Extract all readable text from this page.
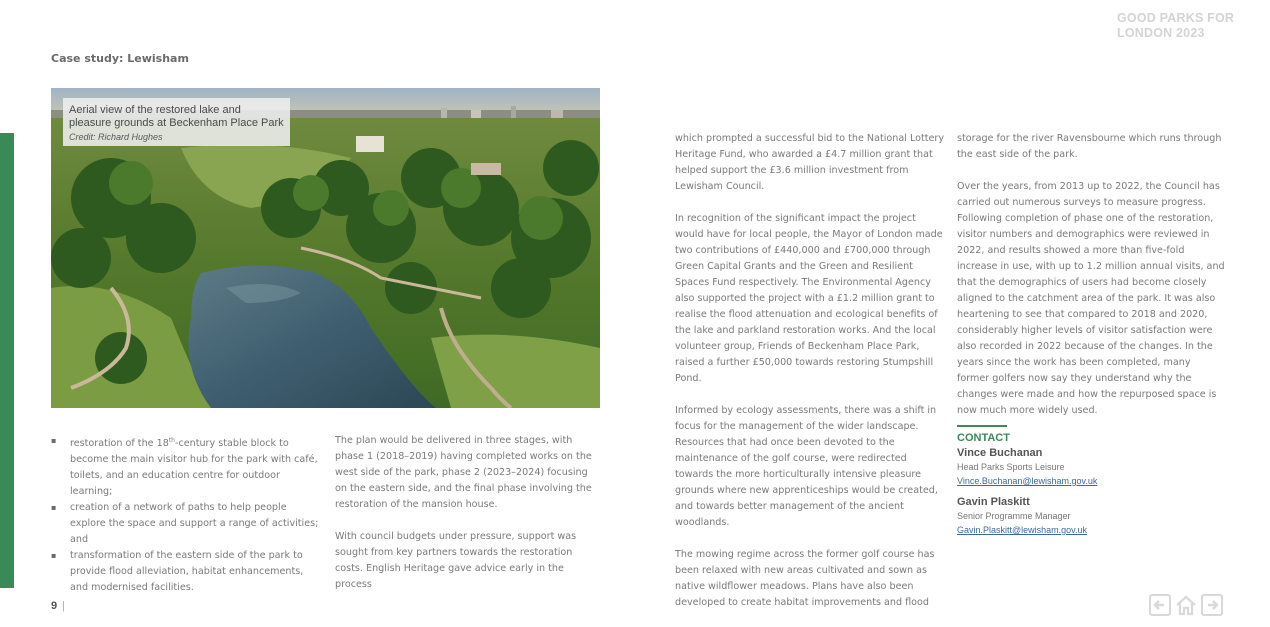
GOOD PARKS FOR LONDON 2023
Case study: Lewisham
Aerial view of the restored lake and pleasure grounds at Beckenham Place Park
Credit: Richard Hughes
▪ restoration of the 18th-century stable block to become the main visitor hub for the park with café, toilets, and an education centre for outdoor learning;
▪ creation of a network of paths to help people explore the space and support a range of activities; and
▪ transformation of the eastern side of the park to provide flood alleviation, habitat enhancements, and modernised facilities.

The plan would be delivered in three stages, with phase 1 (2018–2019) having completed works on the west side of the park, phase 2 (2023–2024) focusing on the eastern side, and the final phase involving the restoration of the mansion house.

With council budgets under pressure, support was sought from key partners towards the restoration costs. English Heritage gave advice early in the process

which prompted a successful bid to the National Lottery Heritage Fund, who awarded a £4.7 million grant that helped support the £3.6 million investment from Lewisham Council.

In recognition of the significant impact the project would have for local people, the Mayor of London made two contributions of £440,000 and £700,000 through Green Capital Grants and the Green and Resilient Spaces Fund respectively. The Environmental Agency also supported the project with a £1.2 million grant to realise the flood attenuation and ecological benefits of the lake and parkland restoration works. And the local volunteer group, Friends of Beckenham Place Park, raised a further £50,000 towards restoring Stumpshill Pond.

Informed by ecology assessments, there was a shift in focus for the management of the wider landscape. Resources that had once been devoted to the maintenance of the golf course, were redirected towards the more horticulturally intensive pleasure grounds where new apprenticeships would be created, and towards better management of the ancient woodlands.

The mowing regime across the former golf course has been relaxed with new areas cultivated and sown as native wildflower meadows. Plans have also been developed to create habitat improvements and flood

storage for the river Ravensbourne which runs through the east side of the park.

Over the years, from 2013 up to 2022, the Council has carried out numerous surveys to measure progress. Following completion of phase one of the restoration, visitor numbers and demographics were reviewed in 2022, and results showed a more than five-fold increase in use, with up to 1.2 million annual visits, and that the demographics of users had become closely aligned to the catchment area of the park. It was also heartening to see that compared to 2018 and 2020, considerably higher levels of visitor satisfaction were also recorded in 2022 because of the changes. In the years since the work has been completed, many former golfers now say they understand why the changes were made and how the repurposed space is now much more widely used.

CONTACT
Vince Buchanan
Head Parks Sports Leisure
Vince.Buchanan@lewisham.gov.uk
Gavin Plaskitt
Senior Programme Manager
Gavin.Plaskitt@lewisham.gov.uk
9 |
